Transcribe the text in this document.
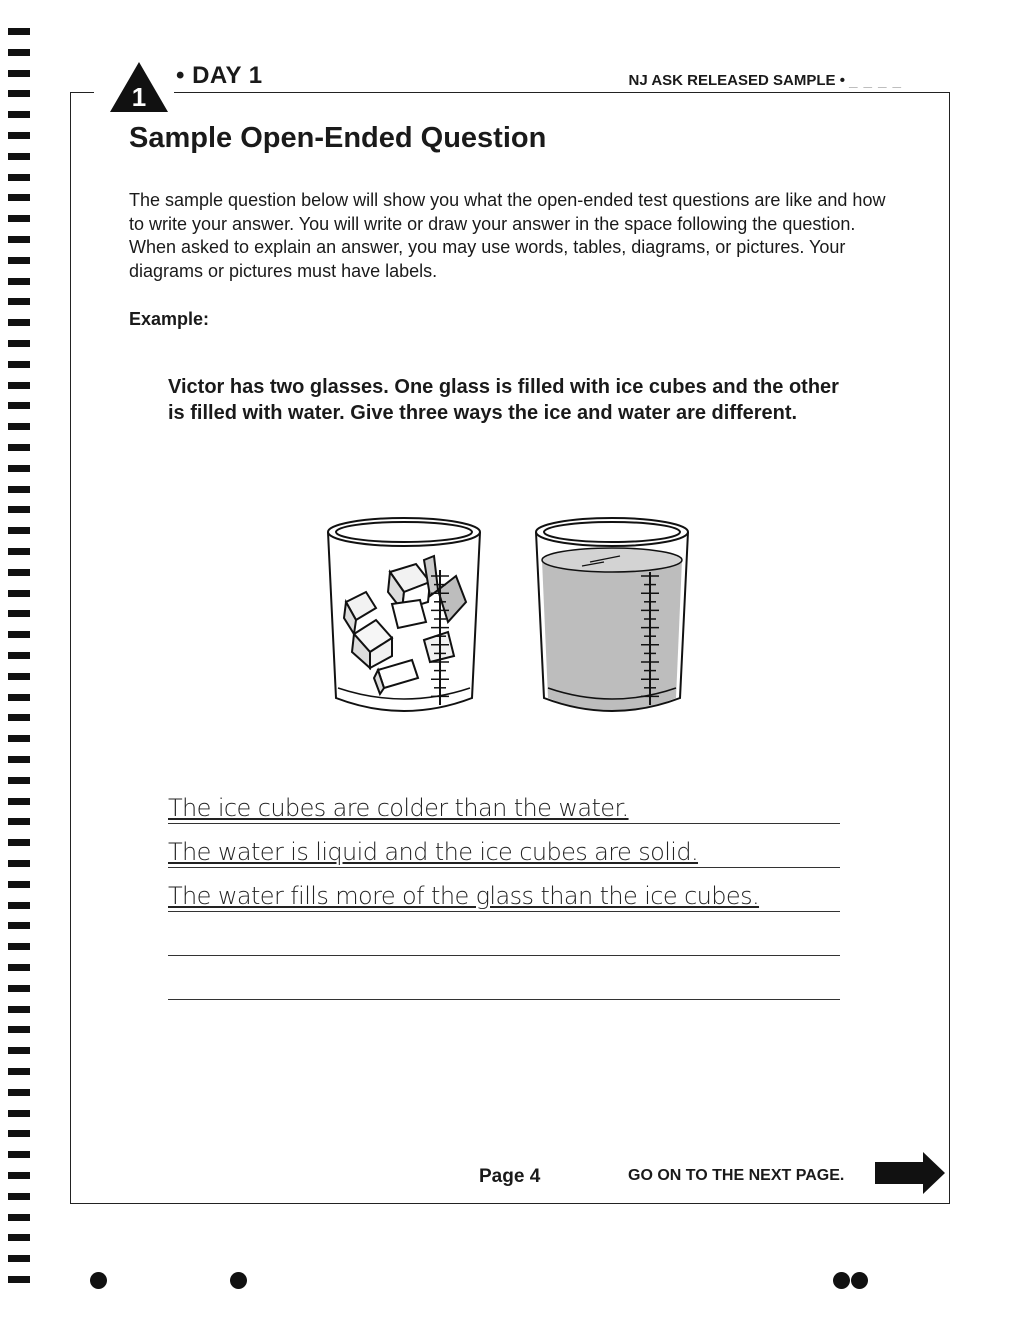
1
• DAY 1	NJ ASK RELEASED SAMPLE • _ _ _ _
Sample Open-Ended Question

The sample question below will show you what the open-ended test questions are like and how to write your answer. You will write or draw your answer in the space following the question. When asked to explain an answer, you may use words, tables, diagrams, or pictures. Your diagrams or pictures must have labels.

Example:

Victor has two glasses. One glass is filled with ice cubes and the other is filled with water. Give three ways the ice and water are different.

The ice cubes are colder than the water.
The water is liquid and the ice cubes are solid.
The water fills more of the glass than the ice cubes.
Page 4	GO ON TO THE NEXT PAGE.
